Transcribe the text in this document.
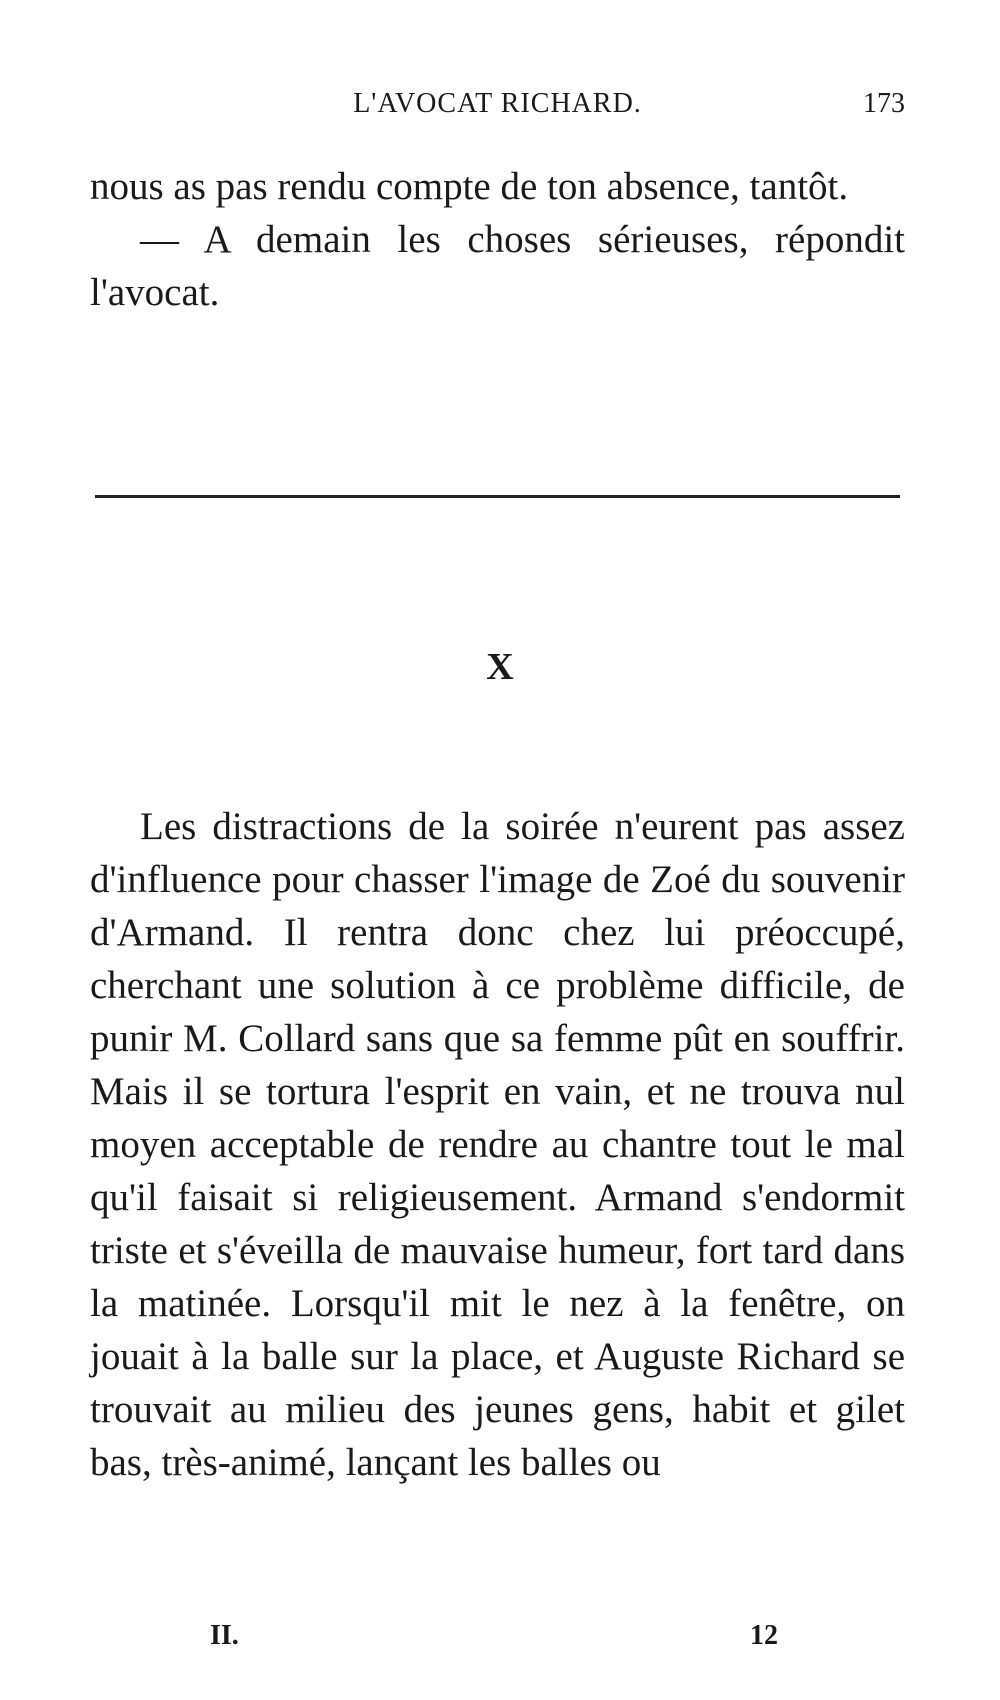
L'AVOCAT RICHARD.	173

nous as pas rendu compte de ton absence, tantôt.

— A demain les choses sérieuses, répondit l'avocat.

X

Les distractions de la soirée n'eurent pas assez d'influence pour chasser l'image de Zoé du souvenir d'Armand. Il rentra donc chez lui préoccupé, cherchant une solution à ce problème difficile, de punir M. Collard sans que sa femme pût en souffrir. Mais il se tortura l'esprit en vain, et ne trouva nul moyen acceptable de rendre au chantre tout le mal qu'il faisait si religieusement. Armand s'endormit triste et s'éveilla de mauvaise humeur, fort tard dans la matinée. Lorsqu'il mit le nez à la fenêtre, on jouait à la balle sur la place, et Auguste Richard se trouvait au milieu des jeunes gens, habit et gilet bas, très-animé, lançant les balles ou

II.	12
